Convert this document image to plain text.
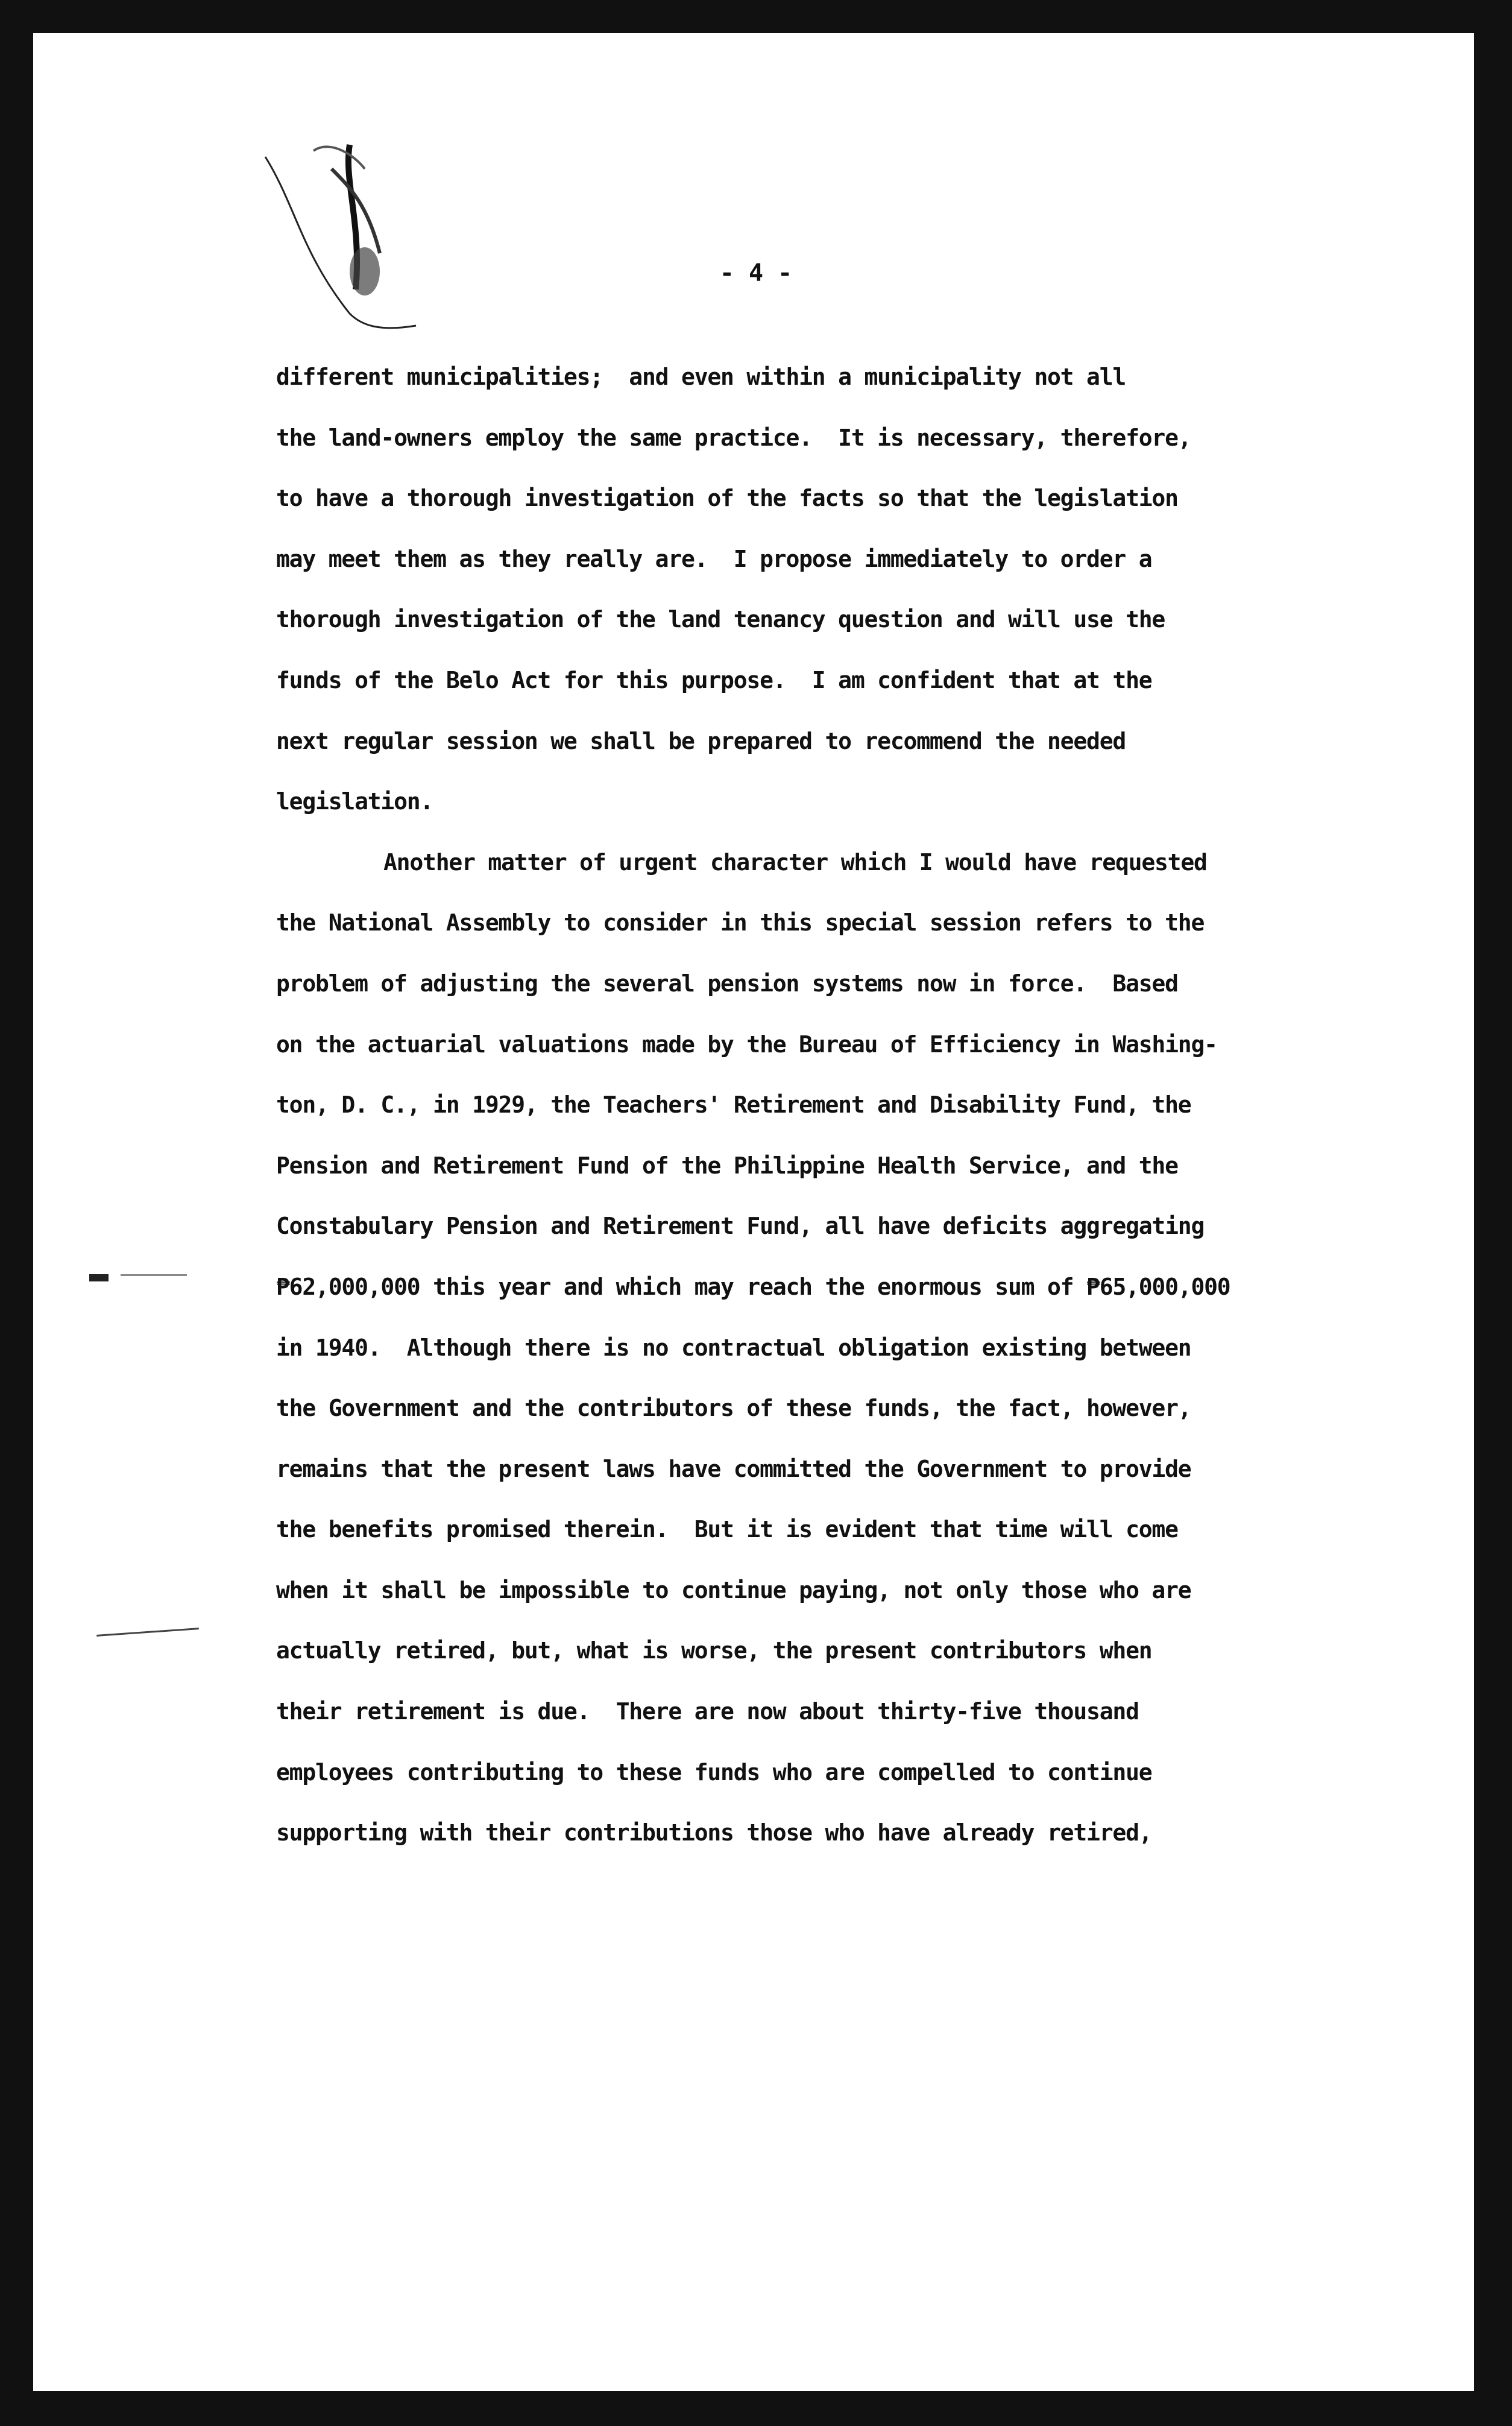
- 4 -
different municipalities;  and even within a municipality not all
the land-owners employ the same practice.  It is necessary, therefore,
to have a thorough investigation of the facts so that the legislation
may meet them as they really are.  I propose immediately to order a
thorough investigation of the land tenancy question and will use the
funds of the Belo Act for this purpose.  I am confident that at the
next regular session we shall be prepared to recommend the needed
legislation.
Another matter of urgent character which I would have requested
the National Assembly to consider in this special session refers to the
problem of adjusting the several pension systems now in force.  Based
on the actuarial valuations made by the Bureau of Efficiency in Washing-
ton, D. C., in 1929, the Teachers' Retirement and Disability Fund, the
Pension and Retirement Fund of the Philippine Health Service, and the
Constabulary Pension and Retirement Fund, all have deficits aggregating
₱62,000,000 this year and which may reach the enormous sum of ₱65,000,000
in 1940.  Although there is no contractual obligation existing between
the Government and the contributors of these funds, the fact, however,
remains that the present laws have committed the Government to provide
the benefits promised therein.  But it is evident that time will come
when it shall be impossible to continue paying, not only those who are
actually retired, but, what is worse, the present contributors when
their retirement is due.  There are now about thirty-five thousand
employees contributing to these funds who are compelled to continue
supporting with their contributions those who have already retired,
